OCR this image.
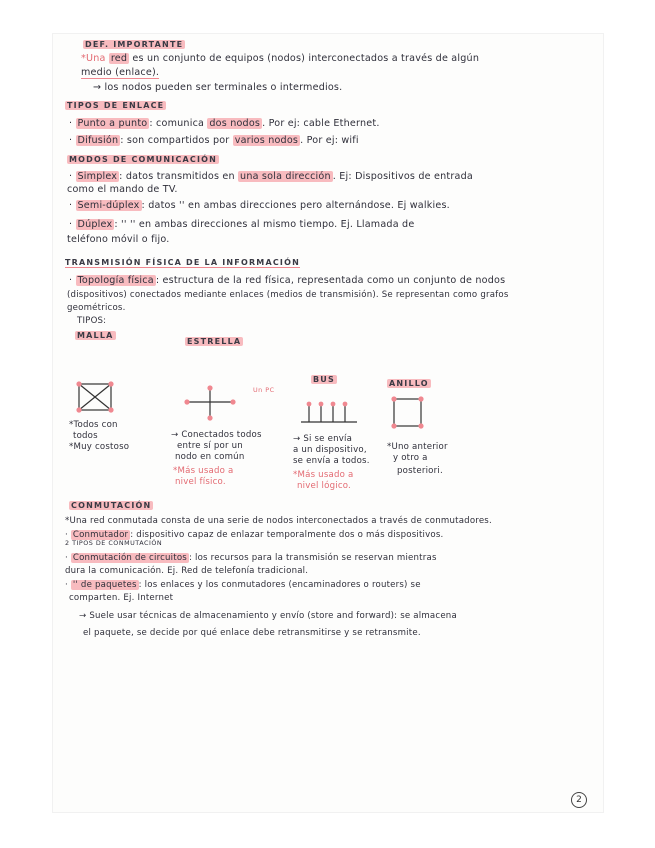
DEF. IMPORTANTE
*Una red es un conjunto de equipos (nodos) interconectados a través de algún
medio (enlace).
→ los nodos pueden ser terminales o intermedios.
TIPOS DE ENLACE
· Punto a punto : comunica dos nodos . Por ej: cable Ethernet.
· Difusión : son compartidos por varios nodos . Por ej: wifi
MODOS DE COMUNICACIÓN
· Simplex : datos transmitidos en una sola dirección . Ej: Dispositivos de entrada
como el mando de TV.
· Semi-dúplex : datos '' en ambas direcciones pero alternándose. Ej walkies.
· Dúplex : '' '' en ambas direcciones al mismo tiempo. Ej. Llamada de
teléfono móvil o fijo.
TRANSMISIÓN FÍSICA DE LA INFORMACIÓN
· Topología física : estructura de la red física, representada como un conjunto de nodos
(dispositivos) conectados mediante enlaces (medios de transmisión). Se representan como grafos
geométricos.
TIPOS:
MALLA
*Todos con
todos
*Muy costoso
ESTRELLA
Un PC
→ Conectados todos
entre sí por un
nodo en común
*Más usado a
nivel físico.
BUS
→ Si se envía
a un dispositivo,
se envía a todos.
*Más usado a
nivel lógico.
ANILLO
*Uno anterior
y otro a
posteriori.
CONMUTACIÓN
*Una red conmutada consta de una serie de nodos interconectados a través de conmutadores.
· Conmutador : dispositivo capaz de enlazar temporalmente dos o más dispositivos.
2 TIPOS DE CONMUTACIÓN
· Conmutación de circuitos : los recursos para la transmisión se reservan mientras
dura la comunicación. Ej. Red de telefonía tradicional.
· '' de paquetes : los enlaces y los conmutadores (encaminadores o routers) se
comparten. Ej. Internet
→ Suele usar técnicas de almacenamiento y envío (store and forward): se almacena
el paquete, se decide por qué enlace debe retransmitirse y se retransmite.
2
